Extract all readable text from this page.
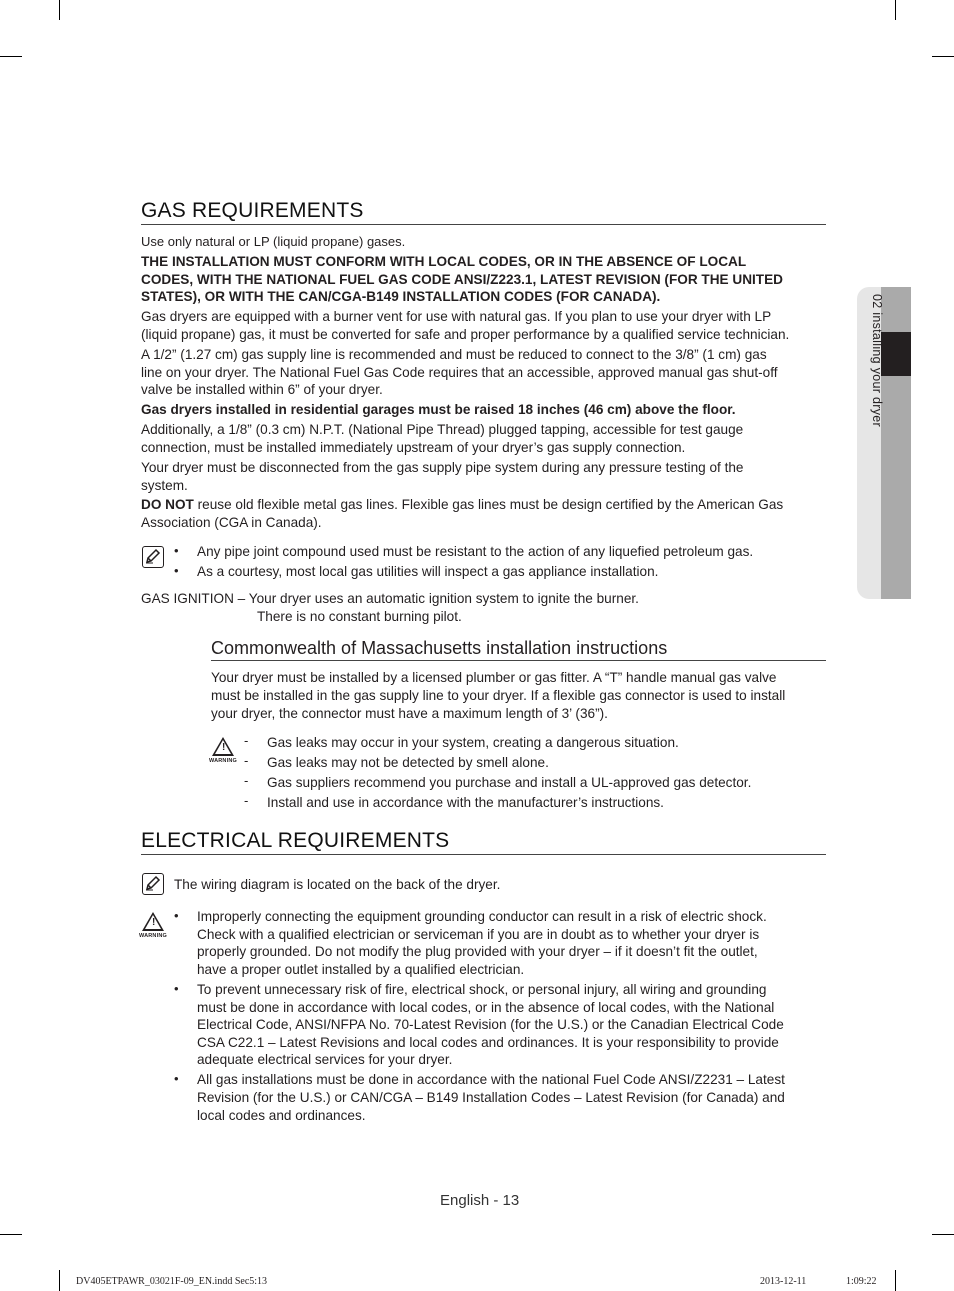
02 installing your dryer
GAS REQUIREMENTS
Use only natural or LP (liquid propane) gases.
THE INSTALLATION MUST CONFORM WITH LOCAL CODES, OR IN THE ABSENCE OF LOCAL
CODES, WITH THE NATIONAL FUEL GAS CODE ANSI/Z223.1, LATEST REVISION (FOR THE UNITED
STATES), OR WITH THE CAN/CGA-B149 INSTALLATION CODES (FOR CANADA).
Gas dryers are equipped with a burner vent for use with natural gas. If you plan to use your dryer with LP
(liquid propane) gas, it must be converted for safe and proper performance by a qualified service technician.
A 1/2” (1.27 cm) gas supply line is recommended and must be reduced to connect to the 3/8” (1 cm) gas
line on your dryer. The National Fuel Gas Code requires that an accessible, approved manual gas shut-off
valve be installed within 6” of your dryer.
Gas dryers installed in residential garages must be raised 18 inches (46 cm) above the floor.
Additionally, a 1/8” (0.3 cm) N.P.T. (National Pipe Thread) plugged tapping, accessible for test gauge
connection, must be installed immediately upstream of your dryer’s gas supply connection.
Your dryer must be disconnected from the gas supply pipe system during any pressure testing of the
system.
DO NOT reuse old flexible metal gas lines. Flexible gas lines must be design certified by the American Gas
Association (CGA in Canada).
• Any pipe joint compound used must be resistant to the action of any liquefied petroleum gas.
• As a courtesy, most local gas utilities will inspect a gas appliance installation.
GAS IGNITION – Your dryer uses an automatic ignition system to ignite the burner.
There is no constant burning pilot.
Commonwealth of Massachusetts installation instructions
Your dryer must be installed by a licensed plumber or gas fitter. A “T” handle manual gas valve
must be installed in the gas supply line to your dryer. If a flexible gas connector is used to install
your dryer, the connector must have a maximum length of 3’ (36”).
!
WARNING
- Gas leaks may occur in your system, creating a dangerous situation.
- Gas leaks may not be detected by smell alone.
- Gas suppliers recommend you purchase and install a UL-approved gas detector.
- Install and use in accordance with the manufacturer’s instructions.
ELECTRICAL REQUIREMENTS
The wiring diagram is located on the back of the dryer.
!
WARNING
• Improperly connecting the equipment grounding conductor can result in a risk of electric shock.
Check with a qualified electrician or serviceman if you are in doubt as to whether your dryer is
properly grounded. Do not modify the plug provided with your dryer – if it doesn’t fit the outlet,
have a proper outlet installed by a qualified electrician.
• To prevent unnecessary risk of fire, electrical shock, or personal injury, all wiring and grounding
must be done in accordance with local codes, or in the absence of local codes, with the National
Electrical Code, ANSI/NFPA No. 70-Latest Revision (for the U.S.) or the Canadian Electrical Code
CSA C22.1 – Latest Revisions and local codes and ordinances. It is your responsibility to provide
adequate electrical services for your dryer.
• All gas installations must be done in accordance with the national Fuel Code ANSI/Z2231 – Latest
Revision (for the U.S.) or CAN/CGA – B149 Installation Codes – Latest Revision (for Canada) and
local codes and ordinances.
English - 13
DV405ETPAWR_03021F-09_EN.indd Sec5:13	2013-12-11	1:09:22
